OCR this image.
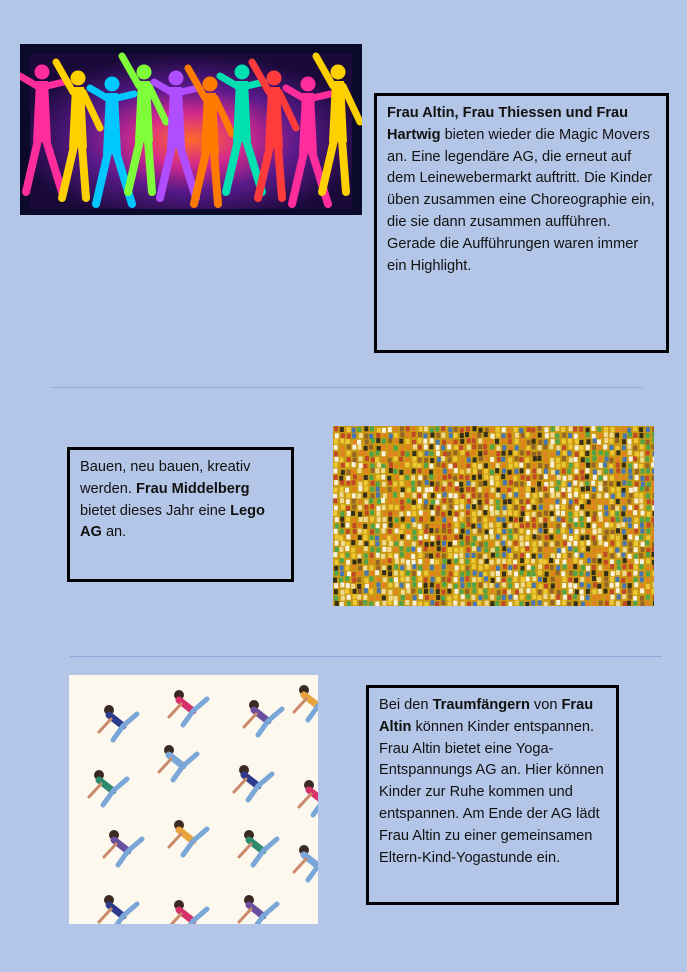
Frau Altin, Frau Thiessen und Frau Hartwig bieten wieder die Magic Movers an. Eine legendäre AG, die erneut auf dem Leinewebermarkt auftritt. Die Kinder üben zusammen eine Choreographie ein, die sie dann zusammen aufführen. Gerade die Aufführungen waren immer ein Highlight.
Bauen, neu bauen, kreativ werden. Frau Middelberg bietet dieses Jahr eine Lego AG an.
Bei den Traumfängern von Frau Altin können Kinder entspannen. Frau Altin bietet eine Yoga-Entspannungs AG an. Hier können Kinder zur Ruhe kommen und entspannen. Am Ende der AG lädt Frau Altin zu einer gemeinsamen Eltern-Kind-Yogastunde ein.
